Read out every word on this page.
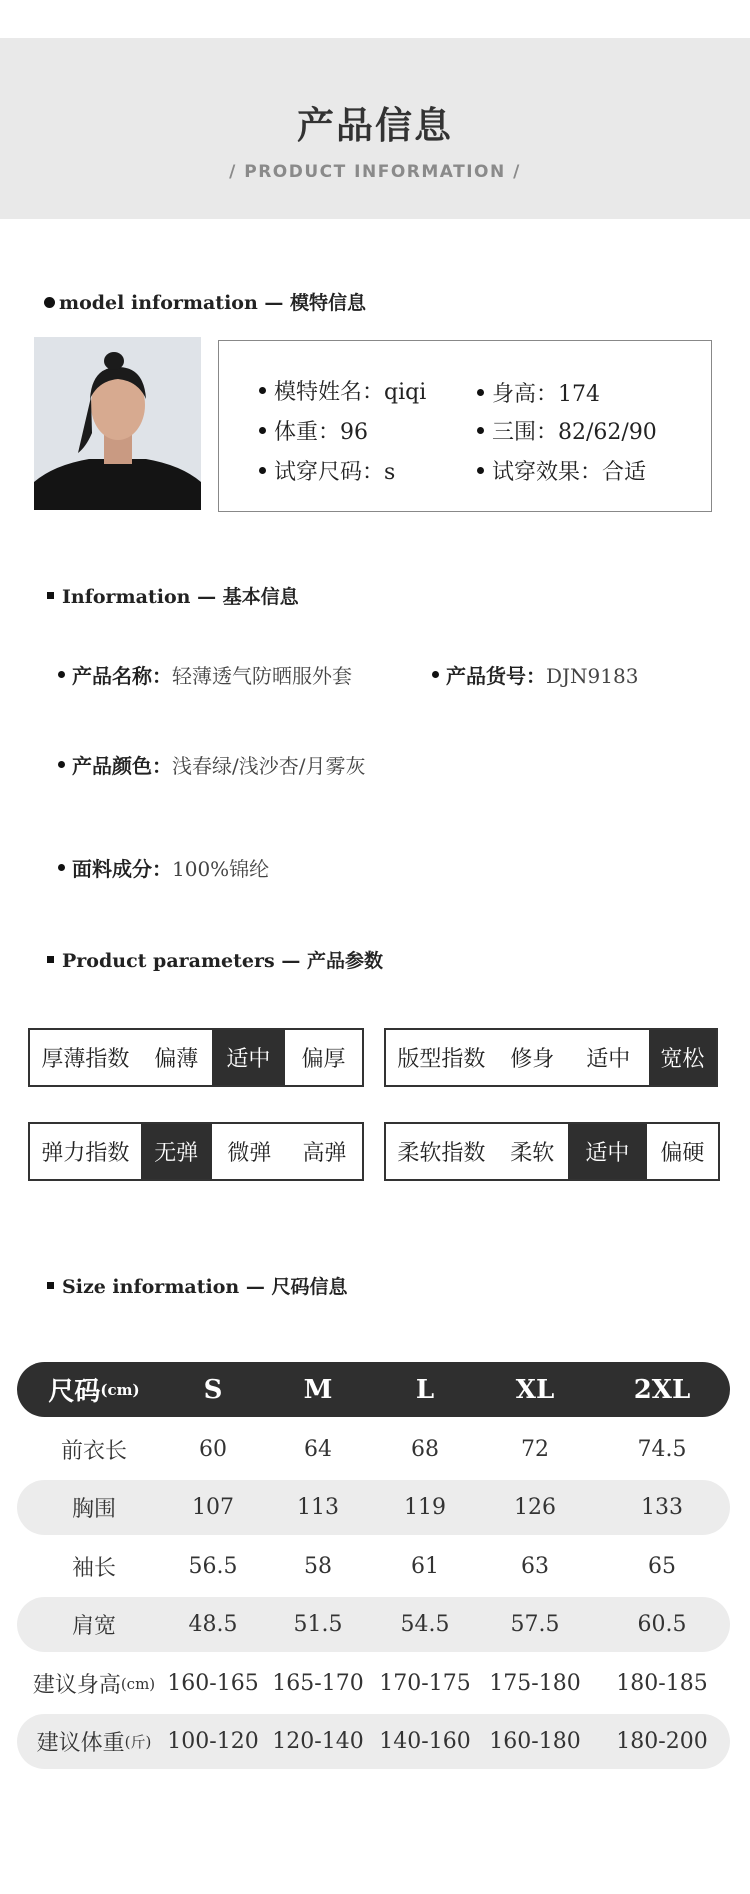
产品信息
/ PRODUCT INFORMATION /
model information — 模特信息
模特姓名：qiqi	身高：174
体重：96	三围：82/62/90
试穿尺码：s	试穿效果：合适
Information — 基本信息
产品名称：轻薄透气防晒服外套	产品货号：DJN9183
产品颜色：浅春绿/浅沙杏/月雾灰
面料成分：100%锦纶
Product parameters — 产品参数
厚薄指数	偏薄	适中	偏厚	版型指数	修身	适中	宽松
弹力指数	无弹	微弹	高弹	柔软指数	柔软	适中	偏硬
Size information — 尺码信息
尺码 (cm) S	M	L	XL	2XL
前衣长	60	64	68	72	74.5
胸围	107	113	119	126	133
袖长	56.5	58	61	63	65
肩宽	48.5	51.5	54.5	57.5	60.5
建议身高 (cm) 160-165 165-170 170-175 175-180 180-185
建议体重 (斤) 100-120 120-140 140-160 160-180 180-200
